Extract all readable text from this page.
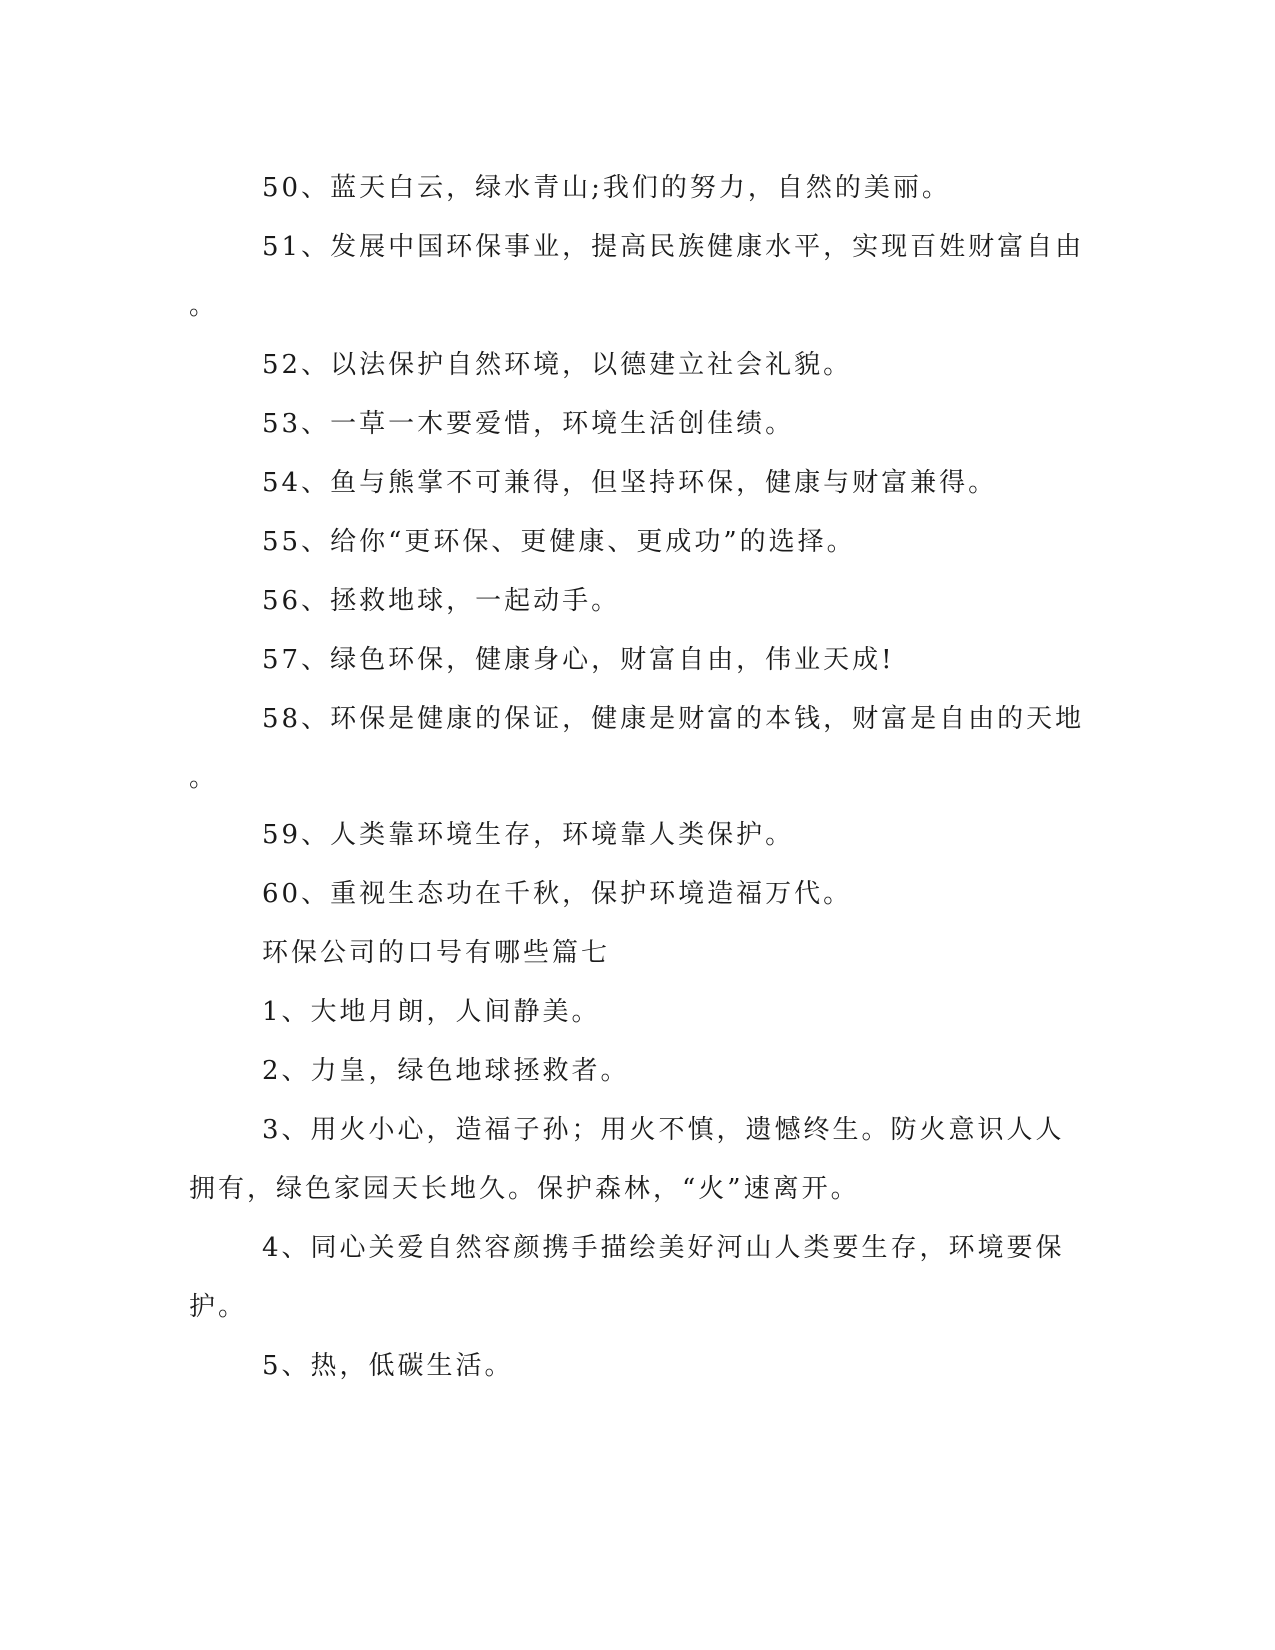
50、蓝天白云，绿水青山;我们的努力，自然的美丽。
51、发展中国环保事业，提高民族健康水平，实现百姓财富自由
。
52、以法保护自然环境，以德建立社会礼貌。
53、一草一木要爱惜，环境生活创佳绩。
54、鱼与熊掌不可兼得，但坚持环保，健康与财富兼得。
55、给你“更环保、更健康、更成功”的选择。
56、拯救地球，一起动手。
57、绿色环保，健康身心，财富自由，伟业天成!
58、环保是健康的保证，健康是财富的本钱，财富是自由的天地
。
59、人类靠环境生存，环境靠人类保护。
60、重视生态功在千秋，保护环境造福万代。
环保公司的口号有哪些篇七
1、大地月朗，人间静美。
2、力皇，绿色地球拯救者。
3、用火小心，造福子孙；用火不慎，遗憾终生。防火意识人人
拥有，绿色家园天长地久。保护森林，“火”速离开。
4、同心关爱自然容颜携手描绘美好河山人类要生存，环境要保
护。
5、热，低碳生活。
